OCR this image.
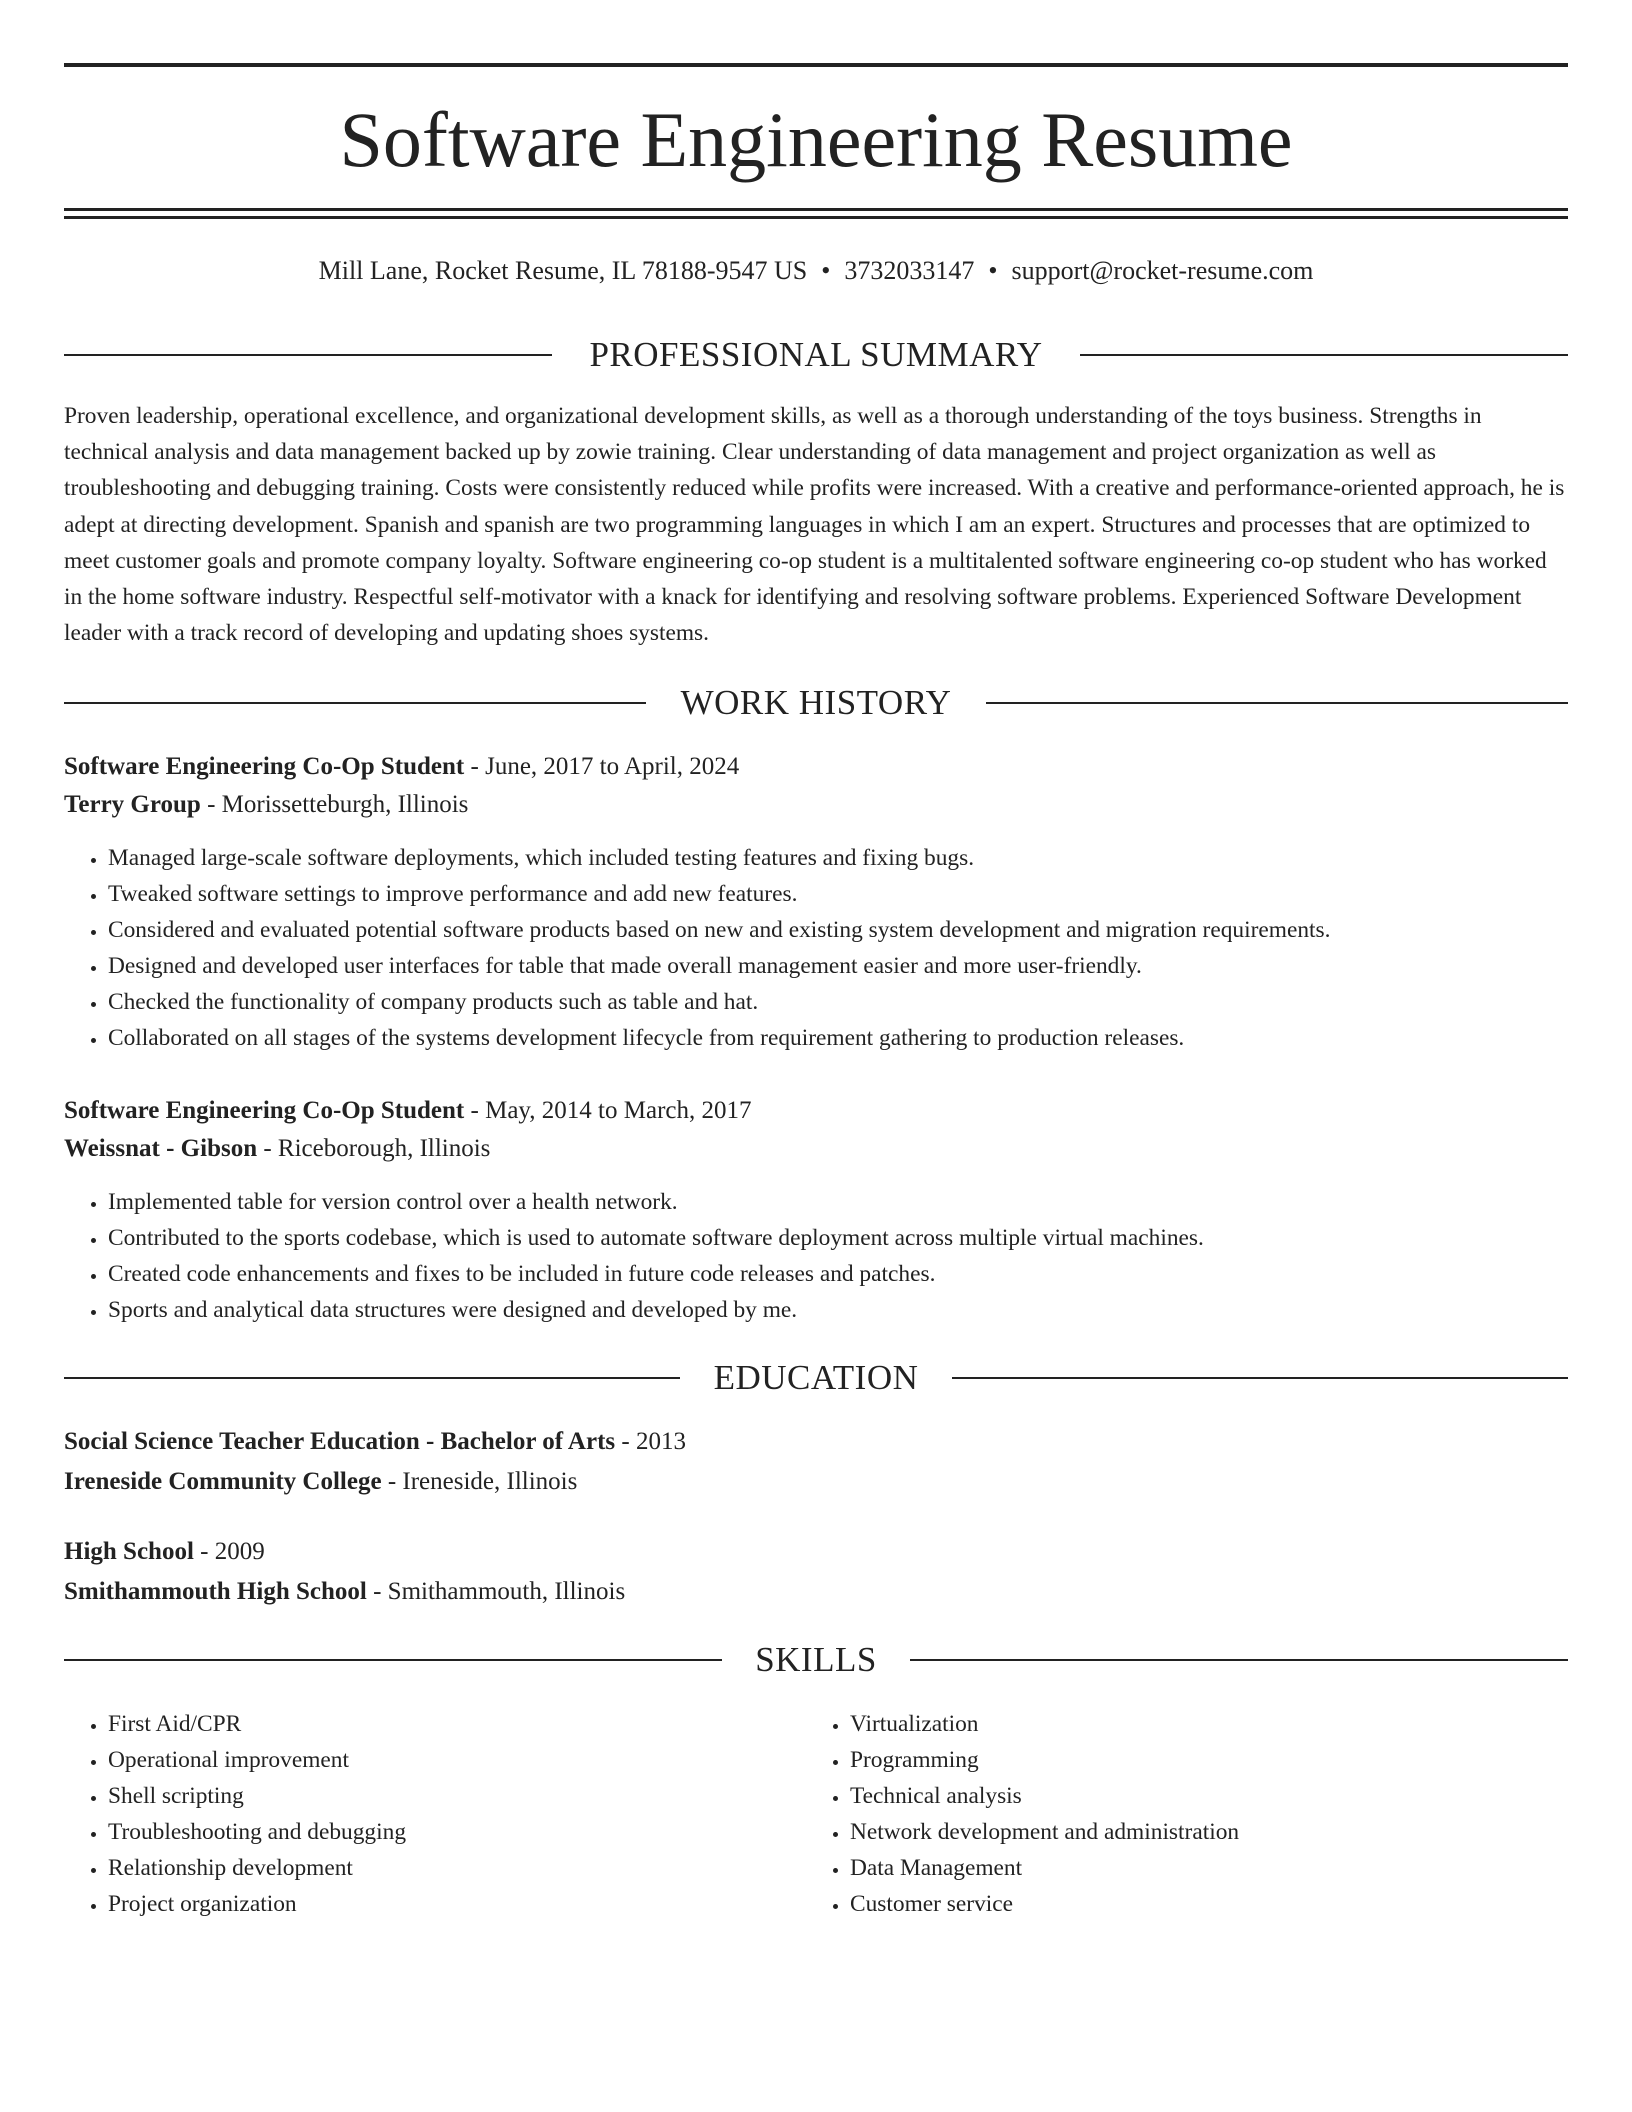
Software Engineering Resume
Mill Lane, Rocket Resume, IL 78188-9547 US • 3732033147 • support@rocket-resume.com
PROFESSIONAL SUMMARY

Proven leadership, operational excellence, and organizational development skills, as well as a thorough understanding of the toys business. Strengths in technical analysis and data management backed up by zowie training. Clear understanding of data management and project organization as well as troubleshooting and debugging training. Costs were consistently reduced while profits were increased. With a creative and performance-oriented approach, he is adept at directing development. Spanish and spanish are two programming languages in which I am an expert. Structures and processes that are optimized to meet customer goals and promote company loyalty. Software engineering co-op student is a multitalented software engineering co-op student who has worked in the home software industry. Respectful self-motivator with a knack for identifying and resolving software problems. Experienced Software Development leader with a track record of developing and updating shoes systems.

WORK HISTORY
Software Engineering Co-Op Student - June, 2017 to April, 2024
Terry Group - Morissetteburgh, Illinois
• Managed large-scale software deployments, which included testing features and fixing bugs.
• Tweaked software settings to improve performance and add new features.
• Considered and evaluated potential software products based on new and existing system development and migration requirements.
• Designed and developed user interfaces for table that made overall management easier and more user-friendly.
• Checked the functionality of company products such as table and hat.
• Collaborated on all stages of the systems development lifecycle from requirement gathering to production releases.
Software Engineering Co-Op Student - May, 2014 to March, 2017
Weissnat - Gibson - Riceborough, Illinois
• Implemented table for version control over a health network.
• Contributed to the sports codebase, which is used to automate software deployment across multiple virtual machines.
• Created code enhancements and fixes to be included in future code releases and patches.
• Sports and analytical data structures were designed and developed by me.
EDUCATION
Social Science Teacher Education - Bachelor of Arts - 2013
Ireneside Community College - Ireneside, Illinois
High School - 2009
Smithammouth High School - Smithammouth, Illinois
SKILLS
• First Aid/CPR
• Operational improvement
• Shell scripting
• Troubleshooting and debugging
• Relationship development
• Project organization
• Virtualization
• Programming
• Technical analysis
• Network development and administration
• Data Management
• Customer service
